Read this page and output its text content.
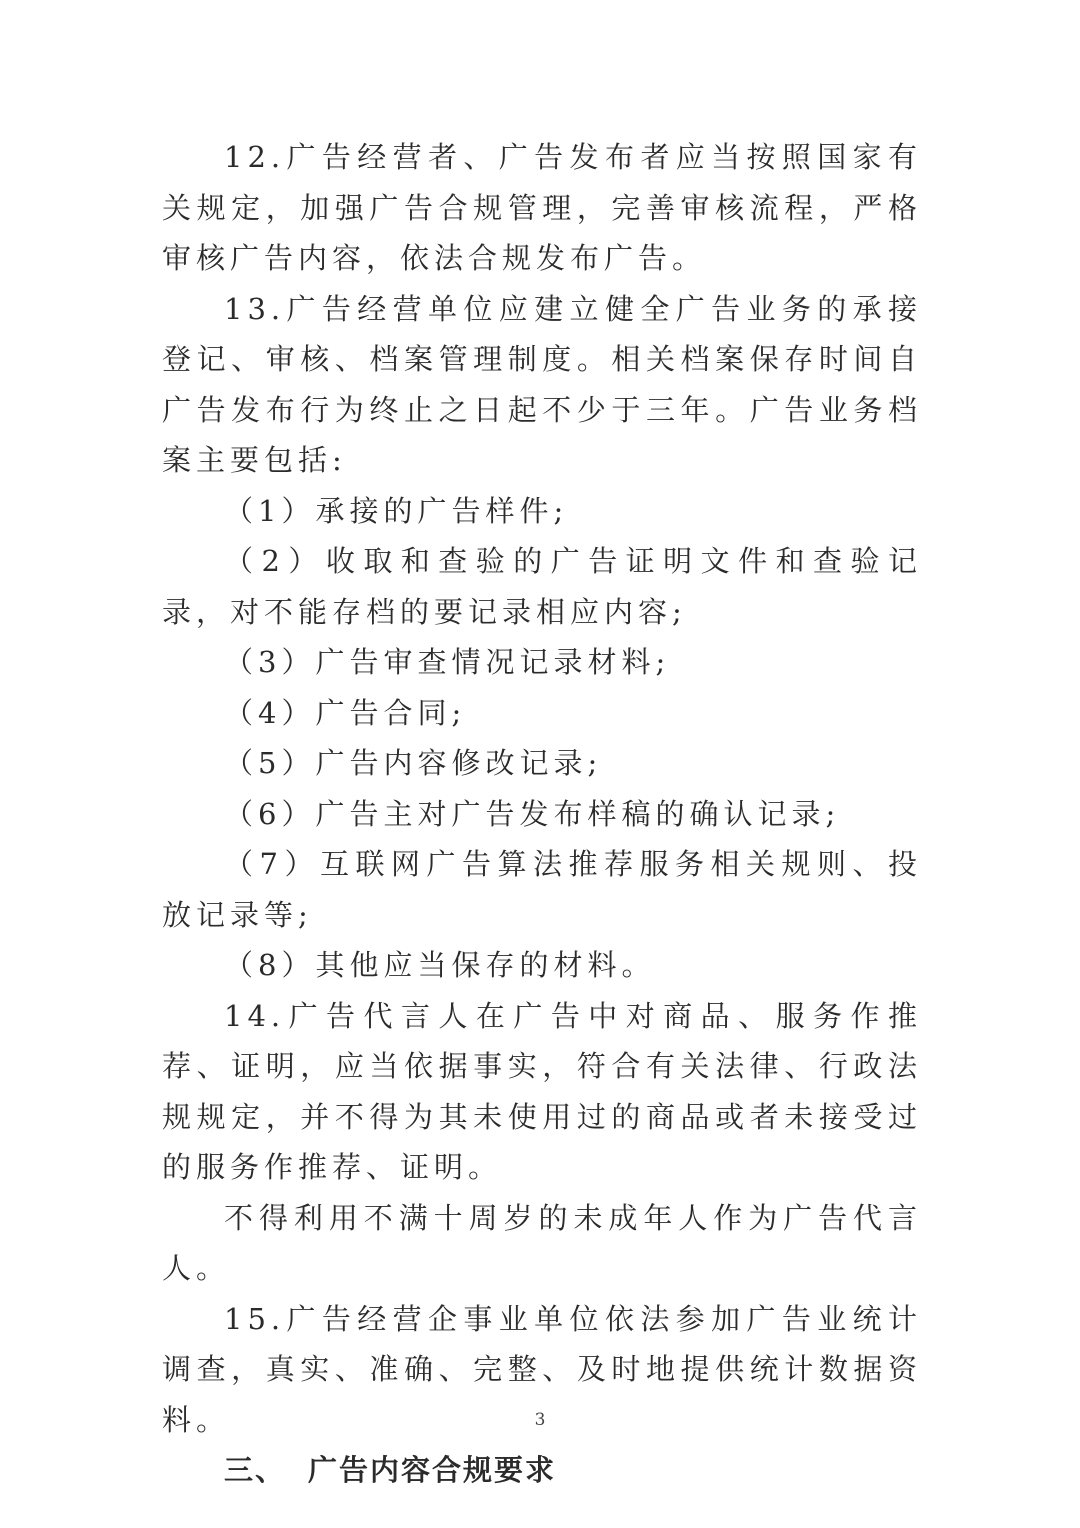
12.广告经营者、广告发布者应当按照国家有关规定，加强广告合规管理，完善审核流程，严格审核广告内容，依法合规发布广告。

13.广告经营单位应建立健全广告业务的承接登记、审核、档案管理制度。相关档案保存时间自广告发布行为终止之日起不少于三年。广告业务档案主要包括:

（1）承接的广告样件;

（2）收取和查验的广告证明文件和查验记录，对不能存档的要记录相应内容;

（3）广告审查情况记录材料;

（4）广告合同;

（5）广告内容修改记录;

（6）广告主对广告发布样稿的确认记录;

（7）互联网广告算法推荐服务相关规则、投放记录等;

（8）其他应当保存的材料。

14.广告代言人在广告中对商品、服务作推荐、证明，应当依据事实，符合有关法律、行政法规规定，并不得为其未使用过的商品或者未接受过的服务作推荐、证明。

不得利用不满十周岁的未成年人作为广告代言人。

15.广告经营企事业单位依法参加广告业统计调查，真实、准确、完整、及时地提供统计数据资料。

三、 广告内容合规要求

3
